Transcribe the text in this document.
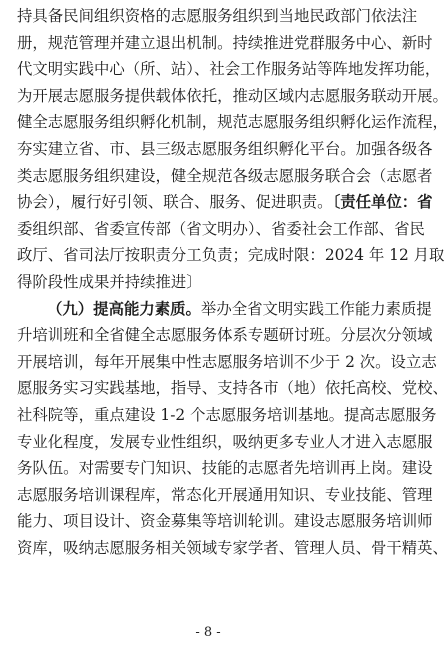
持具备民间组织资格的志愿服务组织到当地民政部门依法注
册，规范管理并建立退出机制。持续推进党群服务中心、新时
代文明实践中心（所、站）、社会工作服务站等阵地发挥功能，
为开展志愿服务提供载体依托，推动区域内志愿服务联动开展。
健全志愿服务组织孵化机制，规范志愿服务组织孵化运作流程，
夯实建立省、市、县三级志愿服务组织孵化平台。加强各级各
类志愿服务组织建设，健全规范各级志愿服务联合会（志愿者
协会），履行好引领、联合、服务、促进职责。〔责任单位：省
委组织部、省委宣传部（省文明办）、省委社会工作部、省民
政厅、省司法厅按职责分工负责；完成时限：2024 年 12 月取
得阶段性成果并持续推进〕
（九）提高能力素质。举办全省文明实践工作能力素质提
升培训班和全省健全志愿服务体系专题研讨班。分层次分领域
开展培训，每年开展集中性志愿服务培训不少于 2 次。设立志
愿服务实习实践基地，指导、支持各市（地）依托高校、党校、
社科院等，重点建设 1-2 个志愿服务培训基地。提高志愿服务
专业化程度，发展专业性组织，吸纳更多专业人才进入志愿服
务队伍。对需要专门知识、技能的志愿者先培训再上岗。建设
志愿服务培训课程库，常态化开展通用知识、专业技能、管理
能力、项目设计、资金募集等培训轮训。建设志愿服务培训师
资库，吸纳志愿服务相关领域专家学者、管理人员、骨干精英、
- 8 -
